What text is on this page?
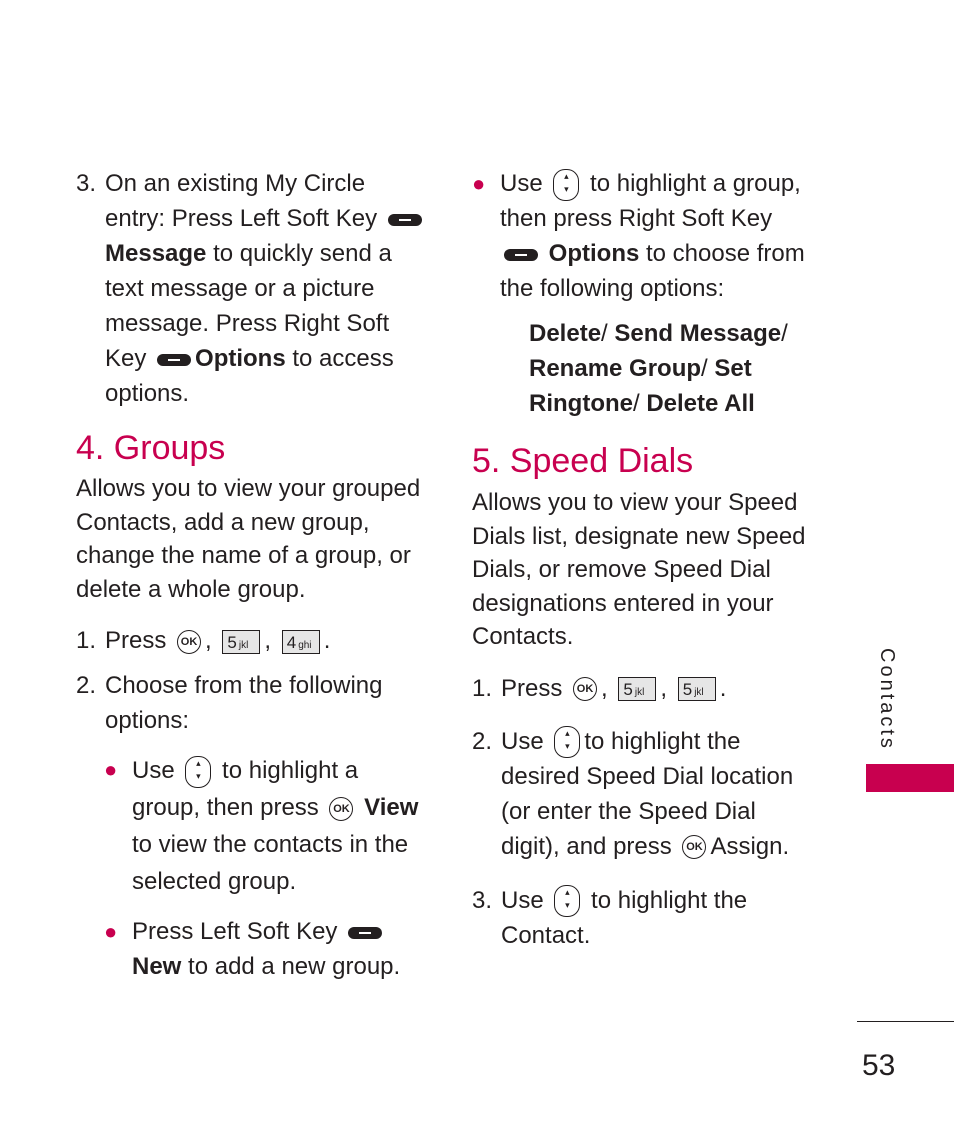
3. On an existing My Circle entry: Press Left Soft Key  Message to quickly send a text message or a picture message. Press Right Soft Key Options to access options.
4. Groups
Allows you to view your grouped Contacts, add a new group, change the name of a group, or delete a whole group.
1. Press OK , 5 jkl , 4 ghi .
2. Choose from the following options:
● Use ▴
▾ to highlight a group, then press OK View to view the contacts in the selected group.
● Press Left Soft Key  New to add a new group.
● Use ▴
▾ to highlight a group, then press Right Soft Key  Options to choose from the following options:
Delete/ Send Message/ Rename Group/ Set Ringtone/ Delete All
5. Speed Dials
Allows you to view your Speed Dials list, designate new Speed Dials, or remove Speed Dial designations entered in your Contacts.
1. Press OK , 5 jkl , 5 jkl .
2. Use ▴
▾ to highlight the desired Speed Dial location (or enter the Speed Dial digit), and press OK Assign.
3. Use ▴
▾ to highlight the Contact.
Contacts
53
